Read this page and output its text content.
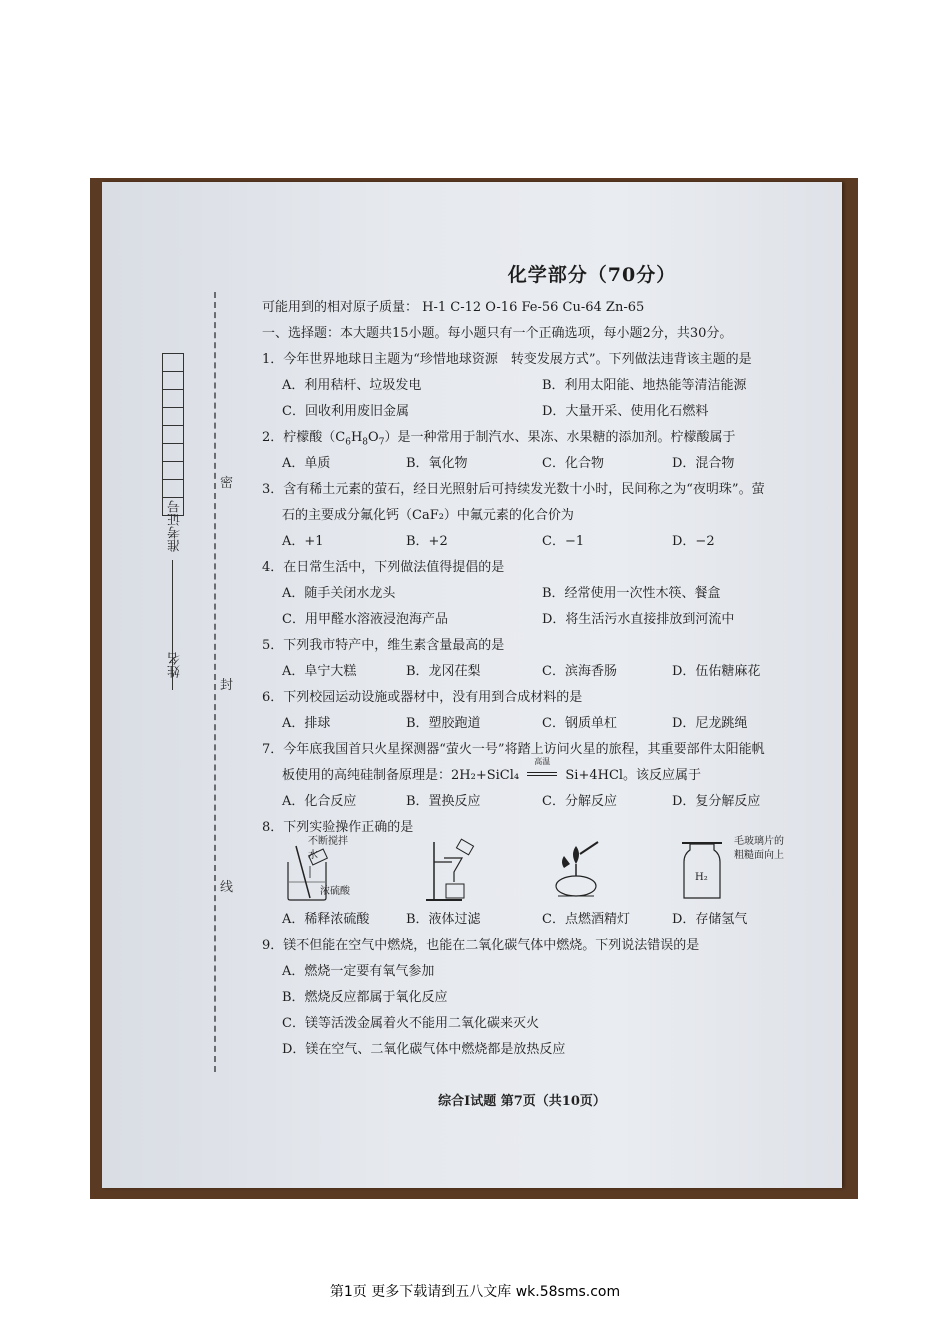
密
封
线
准考证号
姓名
化学部分（70分）
可能用到的相对原子质量： H-1 C-12 O-16 Fe-56 Cu-64 Zn-65
一、选择题：本大题共15小题。每小题只有一个正确选项，每小题2分，共30分。
1．今年世界地球日主题为“珍惜地球资源　转变发展方式”。下列做法违背该主题的是
A．利用秸杆、垃圾发电	B．利用太阳能、地热能等清洁能源
C．回收利用废旧金属	D．大量开采、使用化石燃料
2．柠檬酸$(C_6H_8O_7)$是一种常用于制汽水、果冻、水果糖的添加剂。柠檬酸属于
A．单质	B．氧化物	C．化合物	D．混合物
3．含有稀土元素的萤石，经日光照射后可持续发光数十小时，民间称之为“夜明珠”。萤
石的主要成分氟化钙（CaF₂）中氟元素的化合价为
A．+1	B．+2	C．−1	D．−2
4．在日常生活中，下列做法值得提倡的是
A．随手关闭水龙头	B．经常使用一次性木筷、餐盒
C．用甲醛水溶液浸泡海产品	D．将生活污水直接排放到河流中
5．下列我市特产中，维生素含量最高的是
A．阜宁大糕	B．龙冈茌梨	C．滨海香肠	D．伍佑糖麻花
6．下列校园运动设施或器材中，没有用到合成材料的是
A．排球	B．塑胶跑道	C．钢质单杠	D．尼龙跳绳
7．今年底我国首只火星探测器“萤火一号”将踏上访问火星的旅程，其重要部件太阳能帆
板使用的高纯硅制备原理是：2H₂+SiCl₄
高温
Si+4HCl。该反应属于
A．化合反应	B．置换反应	C．分解反应	D．复分解反应
8．下列实验操作正确的是
不断搅拌
水
浓硫酸
H₂
毛玻璃片的
粗糙面向上
A．稀释浓硫酸	B．液体过滤	C．点燃酒精灯	D．存储氢气
9．镁不但能在空气中燃烧，也能在二氧化碳气体中燃烧。下列说法错误的是
A．燃烧一定要有氧气参加
B．燃烧反应都属于氧化反应
C．镁等活泼金属着火不能用二氧化碳来灭火
D．镁在空气、二氧化碳气体中燃烧都是放热反应
综合Ⅰ试题 第7页（共10页）
第1页 更多下载请到五八文库 wk.58sms.com
